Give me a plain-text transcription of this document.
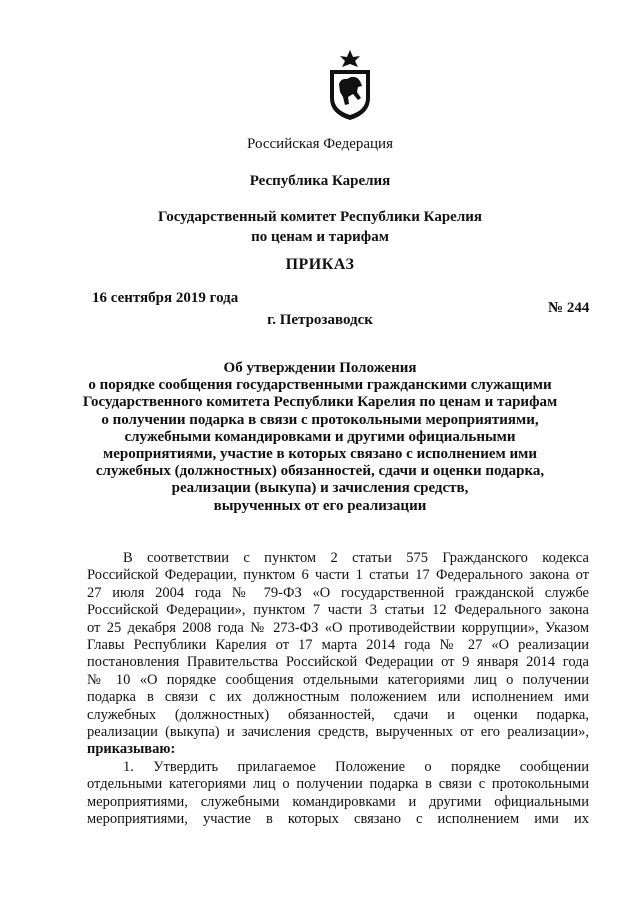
Российская Федерация
Республика Карелия
Государственный комитет Республики Карелия
по ценам и тарифам
ПРИКАЗ
16 сентября 2019 года
№ 244
г. Петрозаводск
Об утверждении Положения
о порядке сообщения государственными гражданскими служащими
Государственного комитета Республики Карелия по ценам и тарифам
о получении подарка в связи с протокольными мероприятиями,
служебными командировками и другими официальными
мероприятиями, участие в которых связано с исполнением ими
служебных (должностных) обязанностей, сдачи и оценки подарка,
реализации (выкупа) и зачисления средств,
вырученных от его реализации
В соответствии с пунктом 2 статьи 575 Гражданского кодекса
Российской Федерации, пунктом 6 части 1 статьи 17 Федерального закона от
27 июля 2004 года № 79-ФЗ «О государственной гражданской службе
Российской Федерации», пунктом 7 части 3 статьи 12 Федерального закона
от 25 декабря 2008 года № 273-ФЗ «О противодействии коррупции», Указом
Главы Республики Карелия от 17 марта 2014 года № 27 «О реализации
постановления Правительства Российской Федерации от 9 января 2014 года
№ 10 «О порядке сообщения отдельными категориями лиц о получении
подарка в связи с их должностным положением или исполнением ими
служебных (должностных) обязанностей, сдачи и оценки подарка,
реализации (выкупа) и зачисления средств, вырученных от его реализации»,
приказываю:
1. Утвердить прилагаемое Положение о порядке сообщении
отдельными категориями лиц о получении подарка в связи с протокольными
мероприятиями, служебными командировками и другими официальными
мероприятиями, участие в которых связано с исполнением ими их
